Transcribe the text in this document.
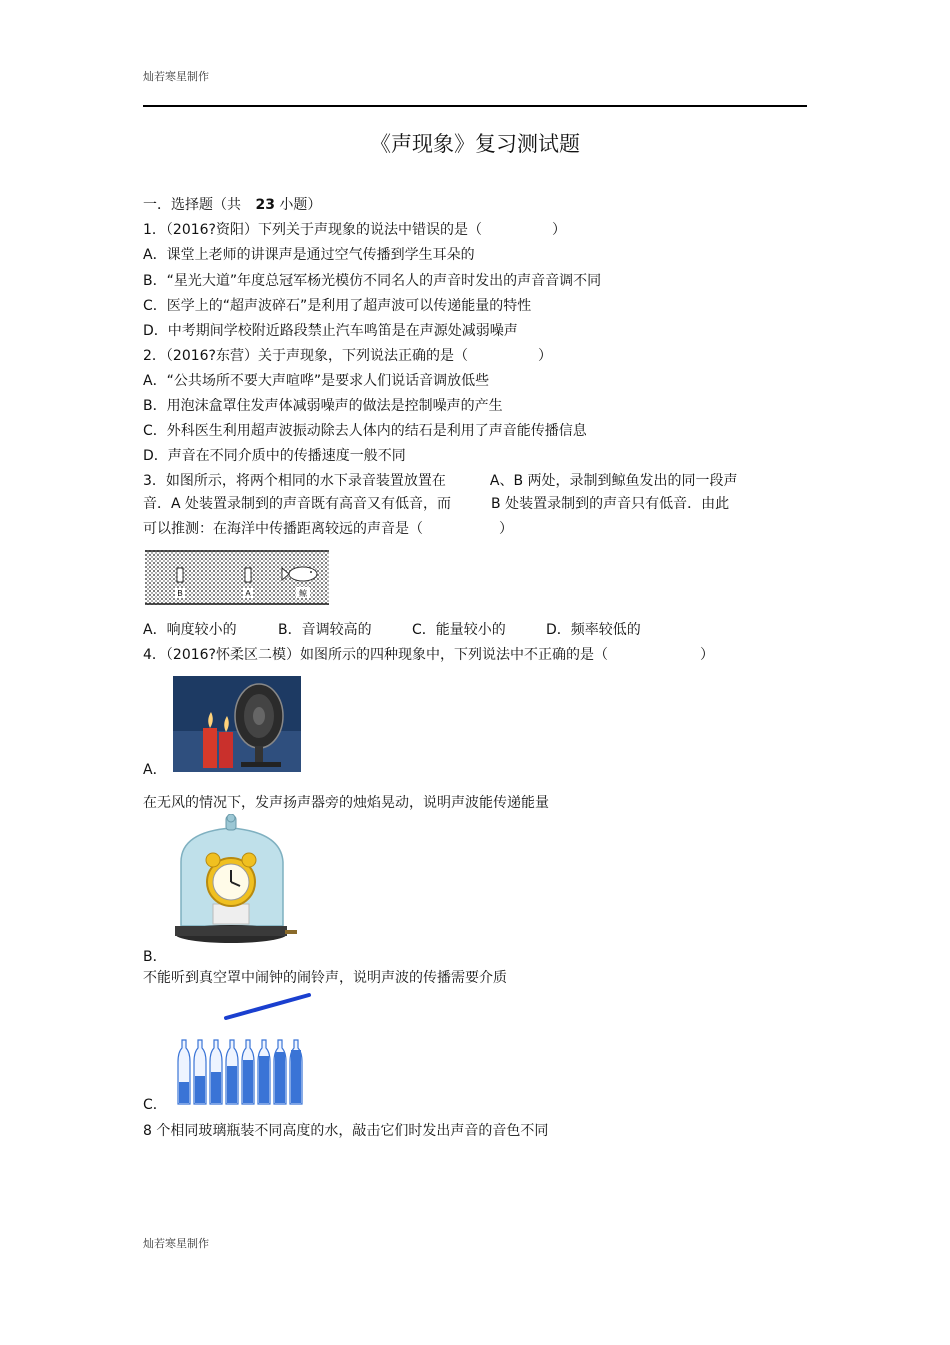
灿若寒星制作
《声现象》复习测试题
一．选择题（共 23 小题）
1．（2016?资阳）下列关于声现象的说法中错误的是（	）
A．课堂上老师的讲课声是通过空气传播到学生耳朵的
B．“星光大道”年度总冠军杨光模仿不同名人的声音时发出的声音音调不同
C．医学上的“超声波碎石”是利用了超声波可以传递能量的特性
D．中考期间学校附近路段禁止汽车鸣笛是在声源处减弱噪声
2．（2016?东营）关于声现象，下列说法正确的是（	）
A．“公共场所不要大声喧哗”是要求人们说话音调放低些
B．用泡沫盒罩住发声体减弱噪声的做法是控制噪声的产生
C．外科医生利用超声波振动除去人体内的结石是利用了声音能传播信息
D．声音在不同介质中的传播速度一般不同
3．如图所示，将两个相同的水下录音装置放置在	A、B 两处，录制到鲸鱼发出的同一段声
音．A 处装置录制到的声音既有高音又有低音，而	B 处装置录制到的声音只有低音．由此
可以推测：在海洋中传播距离较远的声音是（	）
B	A	鲸
A．响度较小的	B．音调较高的	C．能量较小的	D．频率较低的
4．（2016?怀柔区二模）如图所示的四种现象中，下列说法中不正确的是（	）
A．
在无风的情况下，发声扬声器旁的烛焰晃动，说明声波能传递能量
B．
不能听到真空罩中闹钟的闹铃声，说明声波的传播需要介质
C．
8 个相同玻璃瓶装不同高度的水，敲击它们时发出声音的音色不同
灿若寒星制作
